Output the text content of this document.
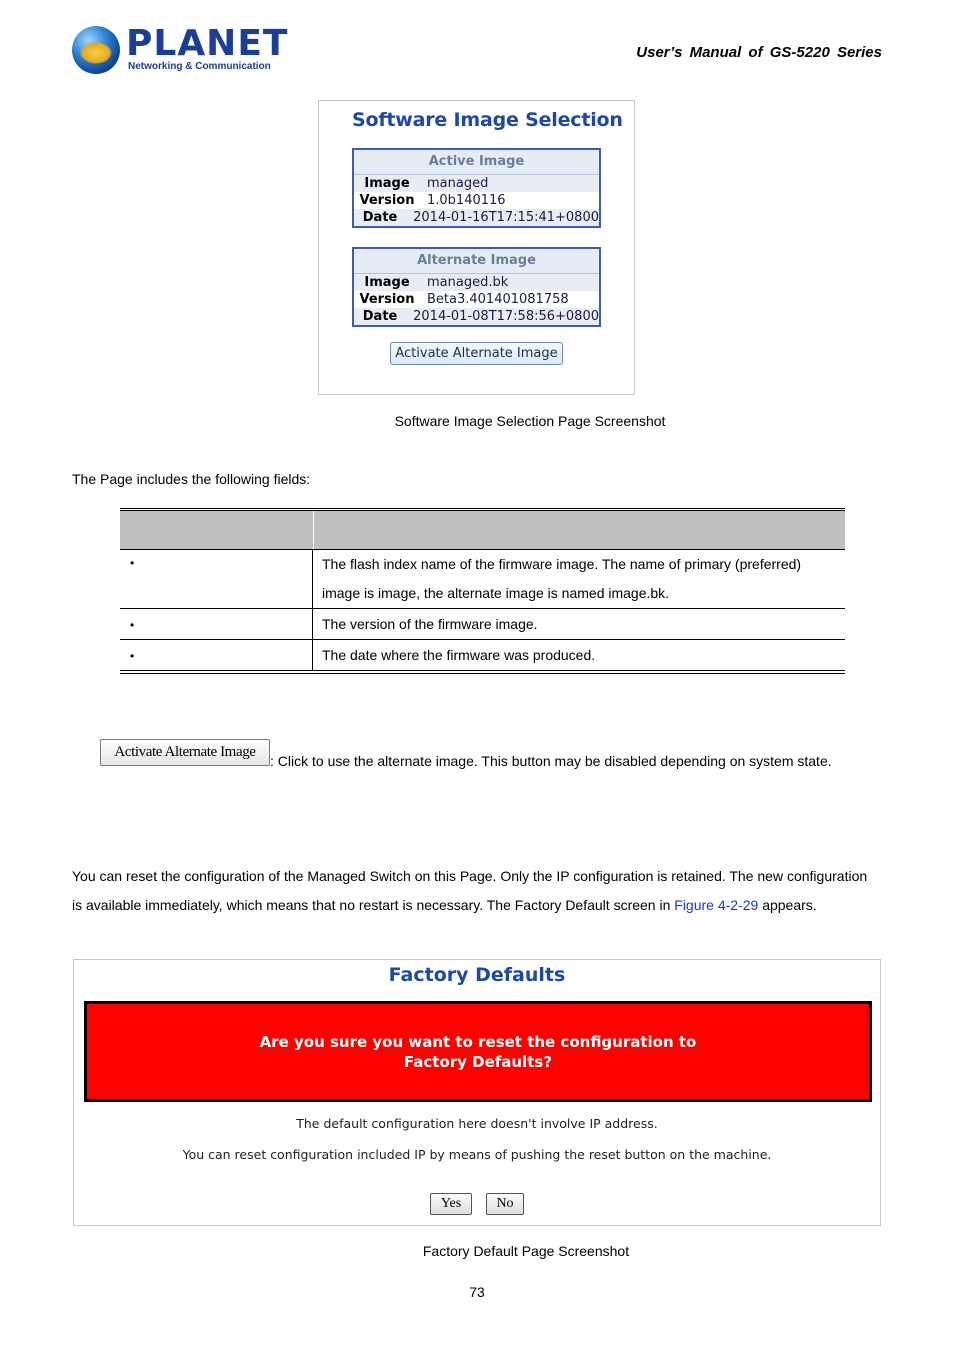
PLANET
Networking & Communication
User’s Manual of GS-5220 Series
Software Image Selection
Active Image
Image	managed
Version 1.0b140116
Date	2014-01-16T17:15:41+0800
Alternate Image
Image	managed.bk
Version Beta3.401401081758
Date	2014-01-08T17:58:56+0800
Activate Alternate Image
Software Image Selection Page Screenshot
The Page includes the following fields:
•	The flash index name of the firmware image. The name of primary (preferred)
image is image, the alternate image is named image.bk.
•	The version of the firmware image.
•	The date where the firmware was produced.
Activate Alternate Image
: Click to use the alternate image. This button may be disabled depending on system state.
You can reset the configuration of the Managed Switch on this Page. Only the IP configuration is retained. The new configuration is available immediately, which means that no restart is necessary. The Factory Default screen in Figure 4-2-29 appears.
Factory Defaults
Are you sure you want to reset the configuration to
Factory Defaults?
The default configuration here doesn't involve IP address.
You can reset configuration included IP by means of pushing the reset button on the machine.
Yes	No
Factory Default Page Screenshot
73
